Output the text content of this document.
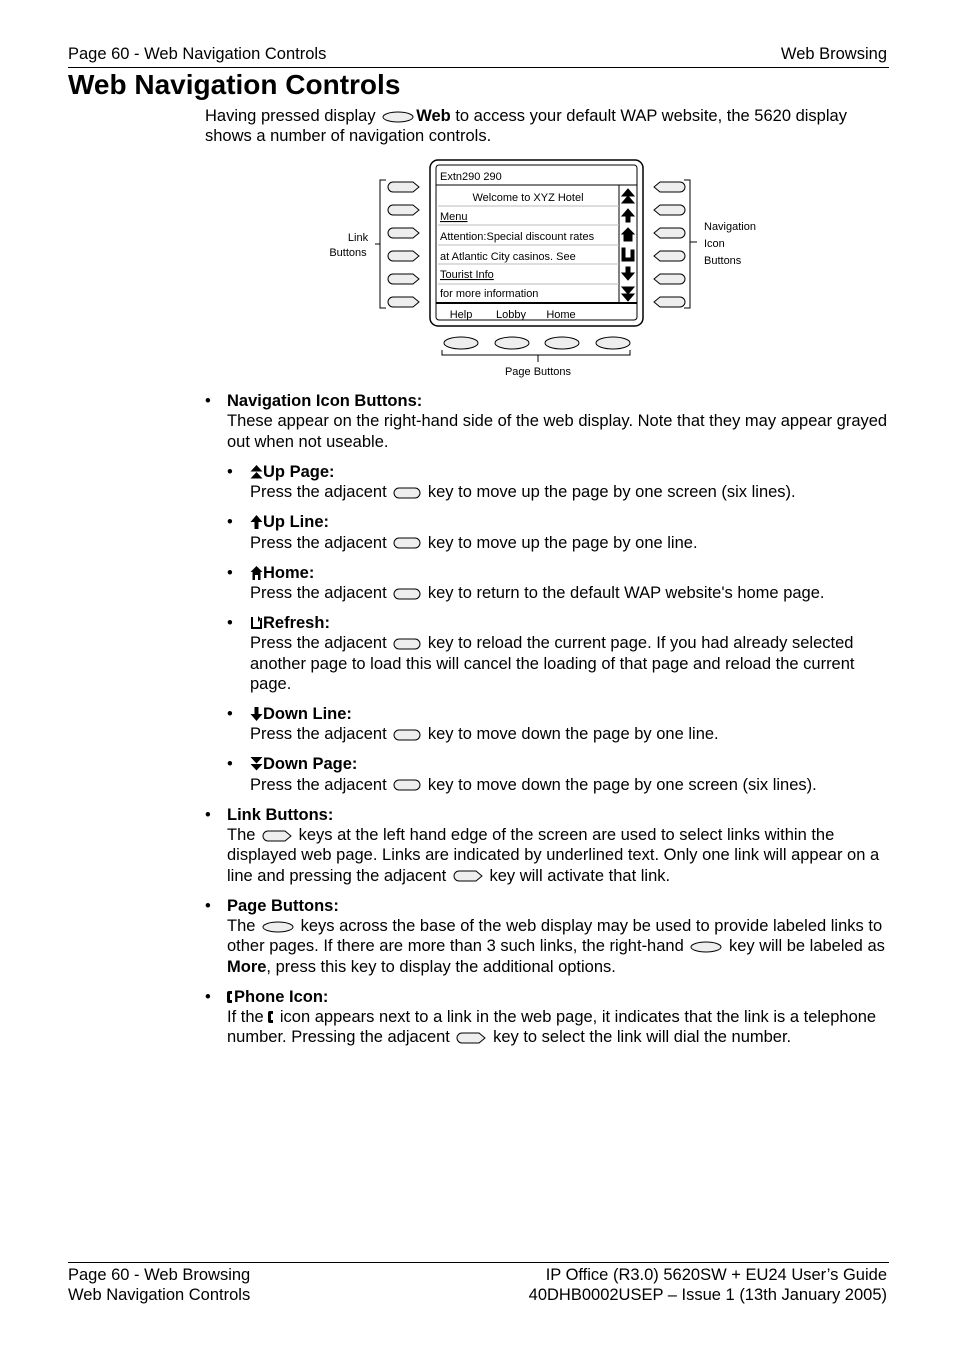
Page 60 - Web Navigation Controls	Web Browsing
Web Navigation Controls
Having pressed display Web to access your default WAP website, the 5620 display shows a number of navigation controls.
Link
Buttons
Extn290 290
Welcome to XYZ Hotel
Menu
Attention:Special discount rates
at Atlantic City casinos. See
Tourist Info
for more information
Help Lobby Home
Navigation
Icon
Buttons
Page Buttons
• Navigation Icon Buttons:
These appear on the right-hand side of the web display. Note that they may appear grayed out when not useable.
• Up Page:
Press the adjacent key to move up the page by one screen (six lines).
• Up Line:
Press the adjacent key to move up the page by one line.
• Home:
Press the adjacent key to return to the default WAP website's home page.
• Refresh:
Press the adjacent key to reload the current page. If you had already selected another page to load this will cancel the loading of that page and reload the current page.
• Down Line:
Press the adjacent key to move down the page by one line.
• Down Page:
Press the adjacent key to move down the page by one screen (six lines).
• Link Buttons:
The	keys at the left hand edge of the screen are used to select links within the displayed web page. Links are indicated by underlined text. Only one link will appear on a line and pressing the adjacent	key will activate that link.
• Page Buttons:
The	keys across the base of the web display may be used to provide labeled links to other pages. If there are more than 3 such links, the right-hand	key will be labeled as More, press this key to display the additional options.
• Phone Icon:
If the icon appears next to a link in the web page, it indicates that the link is a telephone number. Pressing the adjacent	key to select the link will dial the number.
Page 60 - Web Browsing
Web Navigation Controls
IP Office (R3.0) 5620SW + EU24 User’s Guide
40DHB0002USEP – Issue 1 (13th January 2005)
